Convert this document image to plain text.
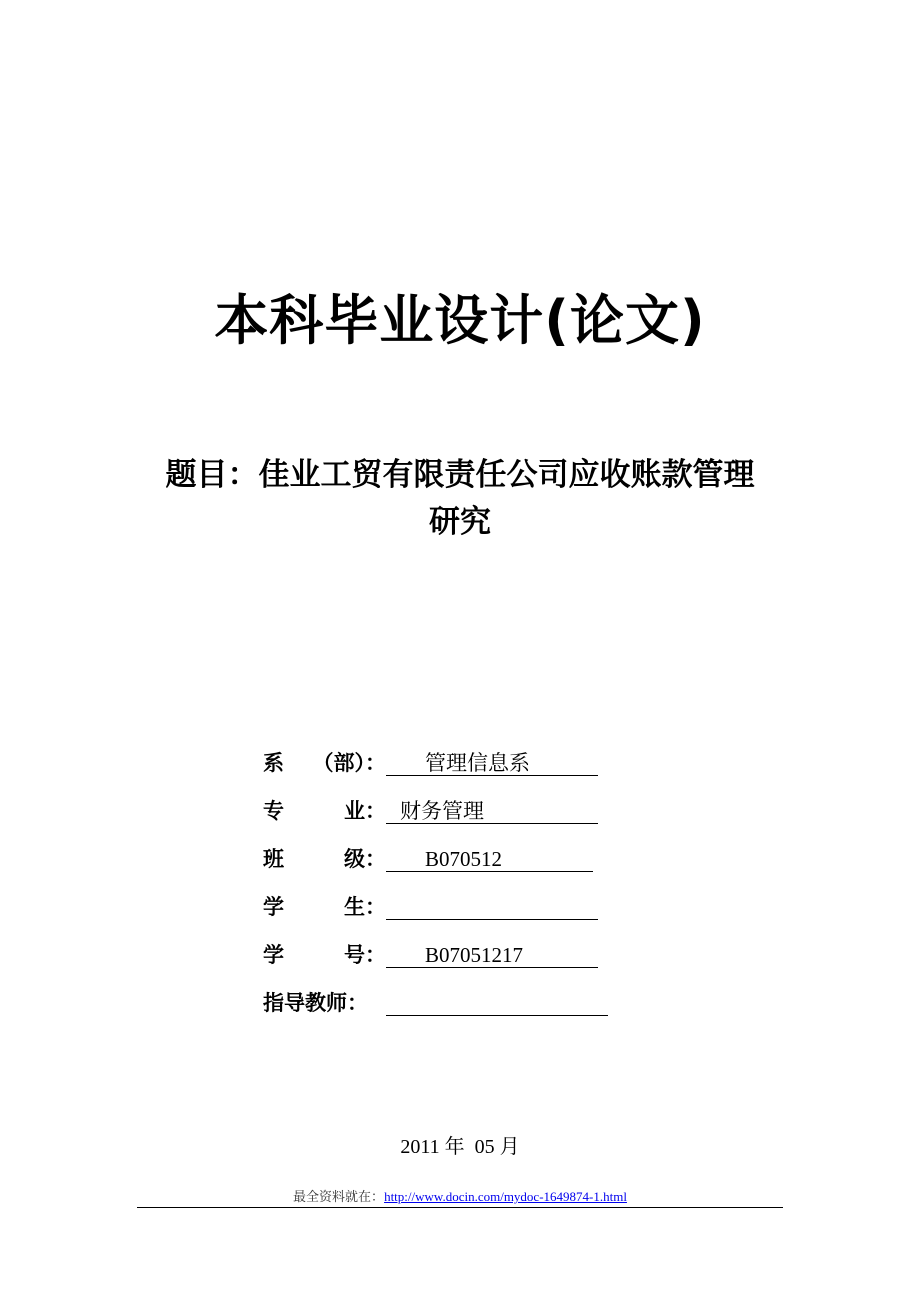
本科毕业设计(论文)
题目：佳业工贸有限责任公司应收账款管理
研究
系 （部）：	管理信息系
专	业： 财务管理
班	级：	B070512
学	生：
学	号：	B07051217
指导教师：
2011 年  05 月
最全资料就在：http://www.docin.com/mydoc-1649874-1.html
